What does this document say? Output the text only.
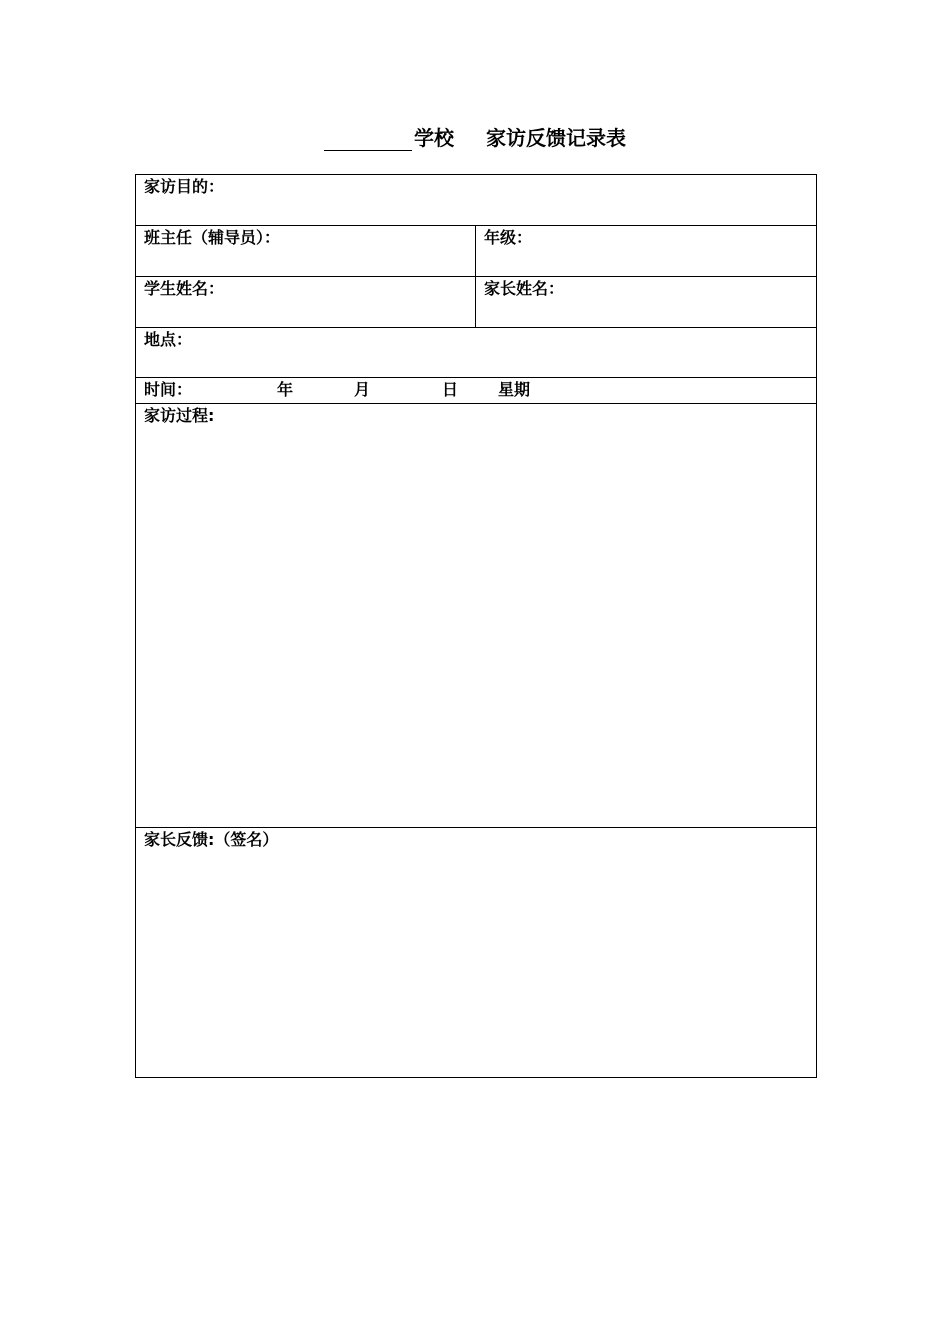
学校 家访反馈记录表
家访目的：	
班主任（辅导员）：	年级：
学生姓名：	家长姓名：
地点：	
时间： 年 月 日 星期	
家访过程:	
家长反馈:（签名）	
